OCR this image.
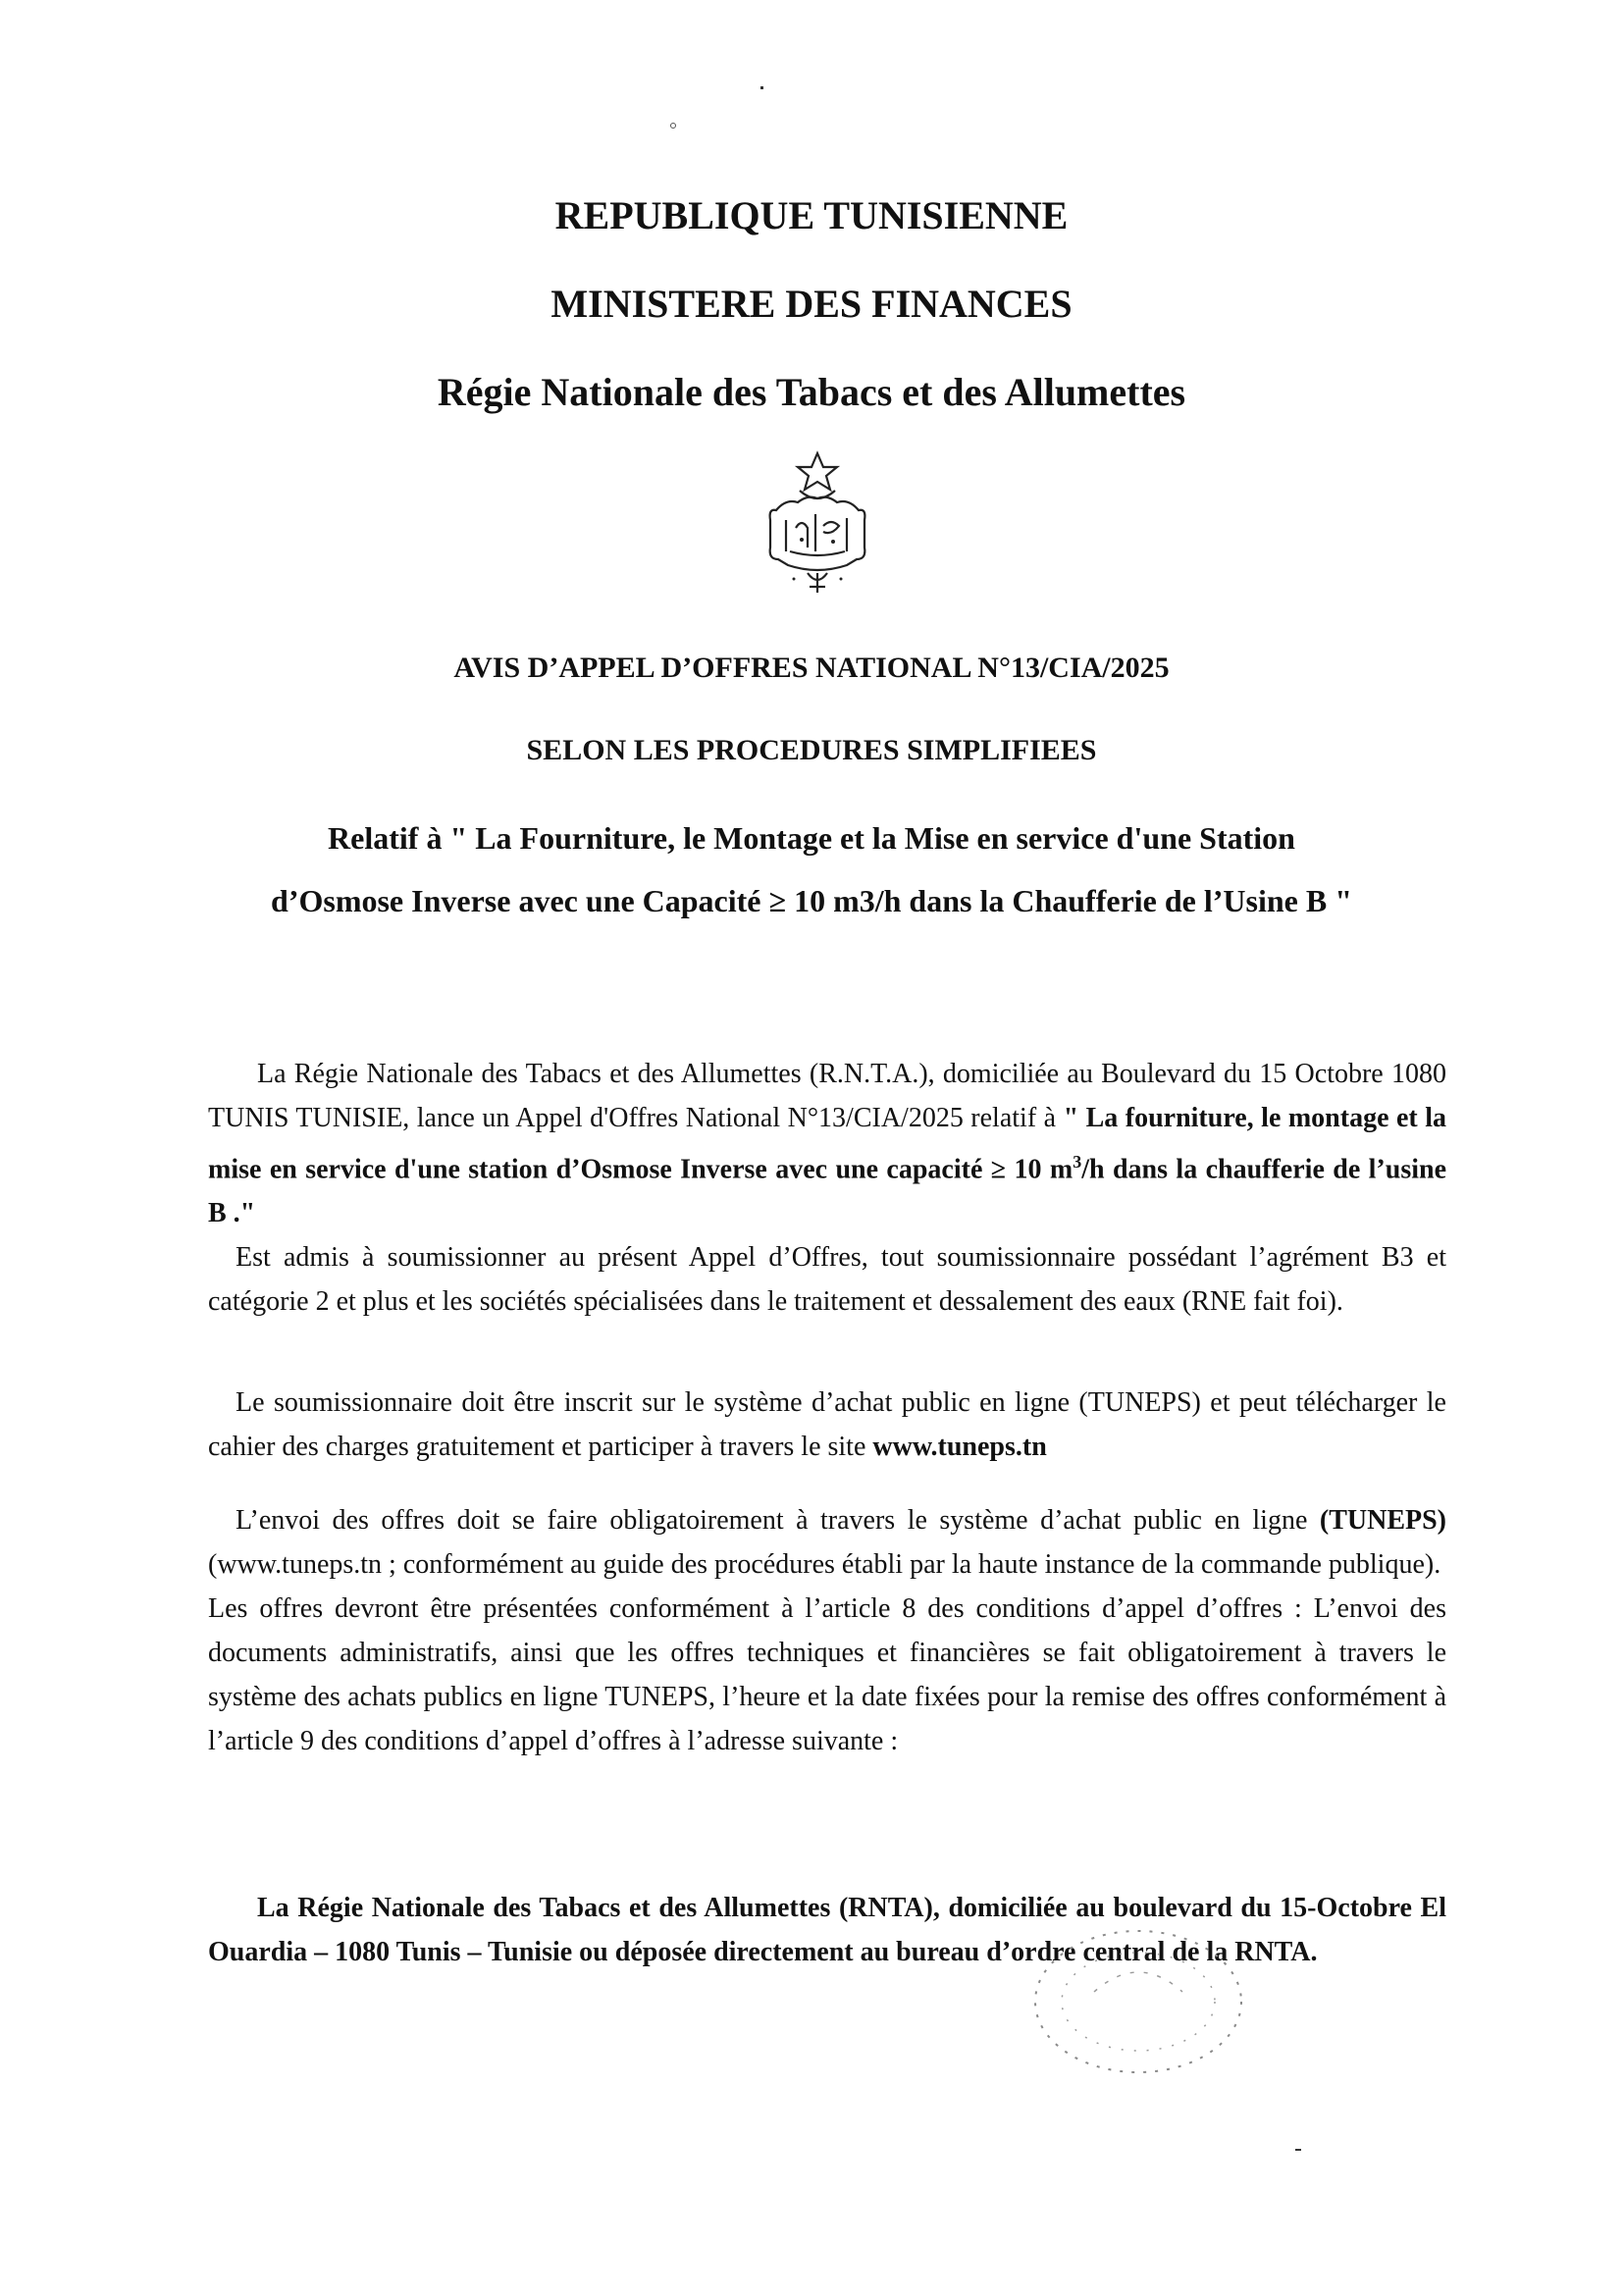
REPUBLIQUE TUNISIENNE
MINISTERE DES FINANCES
Régie Nationale des Tabacs et des Allumettes
AVIS D’APPEL D’OFFRES NATIONAL N°13/CIA/2025
SELON LES PROCEDURES SIMPLIFIEES
Relatif à " La Fourniture, le Montage et la Mise en service d'une Station
d’Osmose Inverse avec une Capacité ≥ 10 m3/h dans la Chaufferie de l’Usine B "

La Régie Nationale des Tabacs et des Allumettes (R.N.T.A.), domiciliée au Boulevard du 15 Octobre 1080 TUNIS TUNISIE, lance un Appel d'Offres National N°13/CIA/2025 relatif à " La fourniture, le montage et la mise en service d'une station d’Osmose Inverse avec une capacité ≥ 10 $m^3/h$ dans la chaufferie de l’usine B ."

Est admis à soumissionner au présent Appel d’Offres, tout soumissionnaire possédant l’agrément B3 et catégorie 2 et plus et les sociétés spécialisées dans le traitement et dessalement des eaux (RNE fait foi).

Le soumissionnaire doit être inscrit sur le système d’achat public en ligne (TUNEPS) et peut télécharger le cahier des charges gratuitement et participer à travers le site www.tuneps.tn

L’envoi des offres doit se faire obligatoirement à travers le système d’achat public en ligne (TUNEPS) (www.tuneps.tn ; conformément au guide des procédures établi par la haute instance de la commande publique).

Les offres devront être présentées conformément à l’article 8 des conditions d’appel d’offres : L’envoi des documents administratifs, ainsi que les offres techniques et financières se fait obligatoirement à travers le système des achats publics en ligne TUNEPS, l’heure et la date fixées pour la remise des offres conformément à l’article 9 des conditions d’appel d’offres à l’adresse suivante :

La Régie Nationale des Tabacs et des Allumettes (RNTA), domiciliée au boulevard du 15-Octobre El Ouardia – 1080 Tunis – Tunisie ou déposée directement au bureau d’ordre central de la RNTA.
